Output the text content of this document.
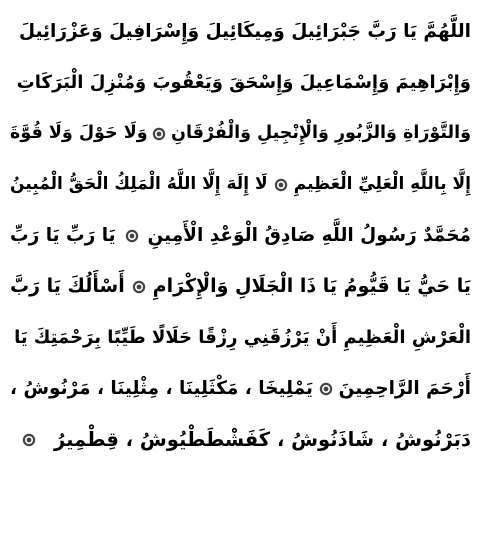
اللَّهُمَّ يَا رَبَّ جَبْرَائِيلَ وَمِيكَائِيلَ وَإِسْرَافِيلَ وَعَزْرَائِيلَ
وَإِبْرَاهِيمَ وَإِسْمَاعِيلَ وَإِسْحَقَ وَيَعْقُوبَ وَمُنْزِلَ الْبَرَكَاتِ
وَالتَّوْرَاةِ وَالزَّبُورِ وَالْإِنْجِيلِ وَالْفُرْقَانِ
وَلَا حَوْلَ وَلَا قُوَّةَ
إِلَّا بِاللَّهِ الْعَلِيِّ الْعَظِيمِ
لَا إِلَهَ إِلَّا اللَّهُ الْمَلِكُ الْحَقُّ الْمُبِينُ
مُحَمَّدٌ رَسُولُ اللَّهِ صَادِقُ الْوَعْدِ الْأَمِينِ
يَا رَبِّ يَا رَبِّ
يَا حَيُّ يَا قَيُّومُ يَا ذَا الْجَلَالِ وَالْإِكْرَامِ
أَسْأَلُكَ يَا رَبَّ
الْعَرْشِ الْعَظِيمِ أَنْ يَرْزُقَنِي رِزْقًا حَلَالًا طَيِّبًا بِرَحْمَتِكَ يَا
أَرْحَمَ الرَّاحِمِينَ
يَمْلِيخَا ، مَكْثَلِينَا ، مِثْلِينَا ، مَرْنُوشُ ،
دَبَرْنُوشُ ، شَاذَنُوشُ ، كَفَشْطَطْيُوشُ ، قِطْمِيرُ
